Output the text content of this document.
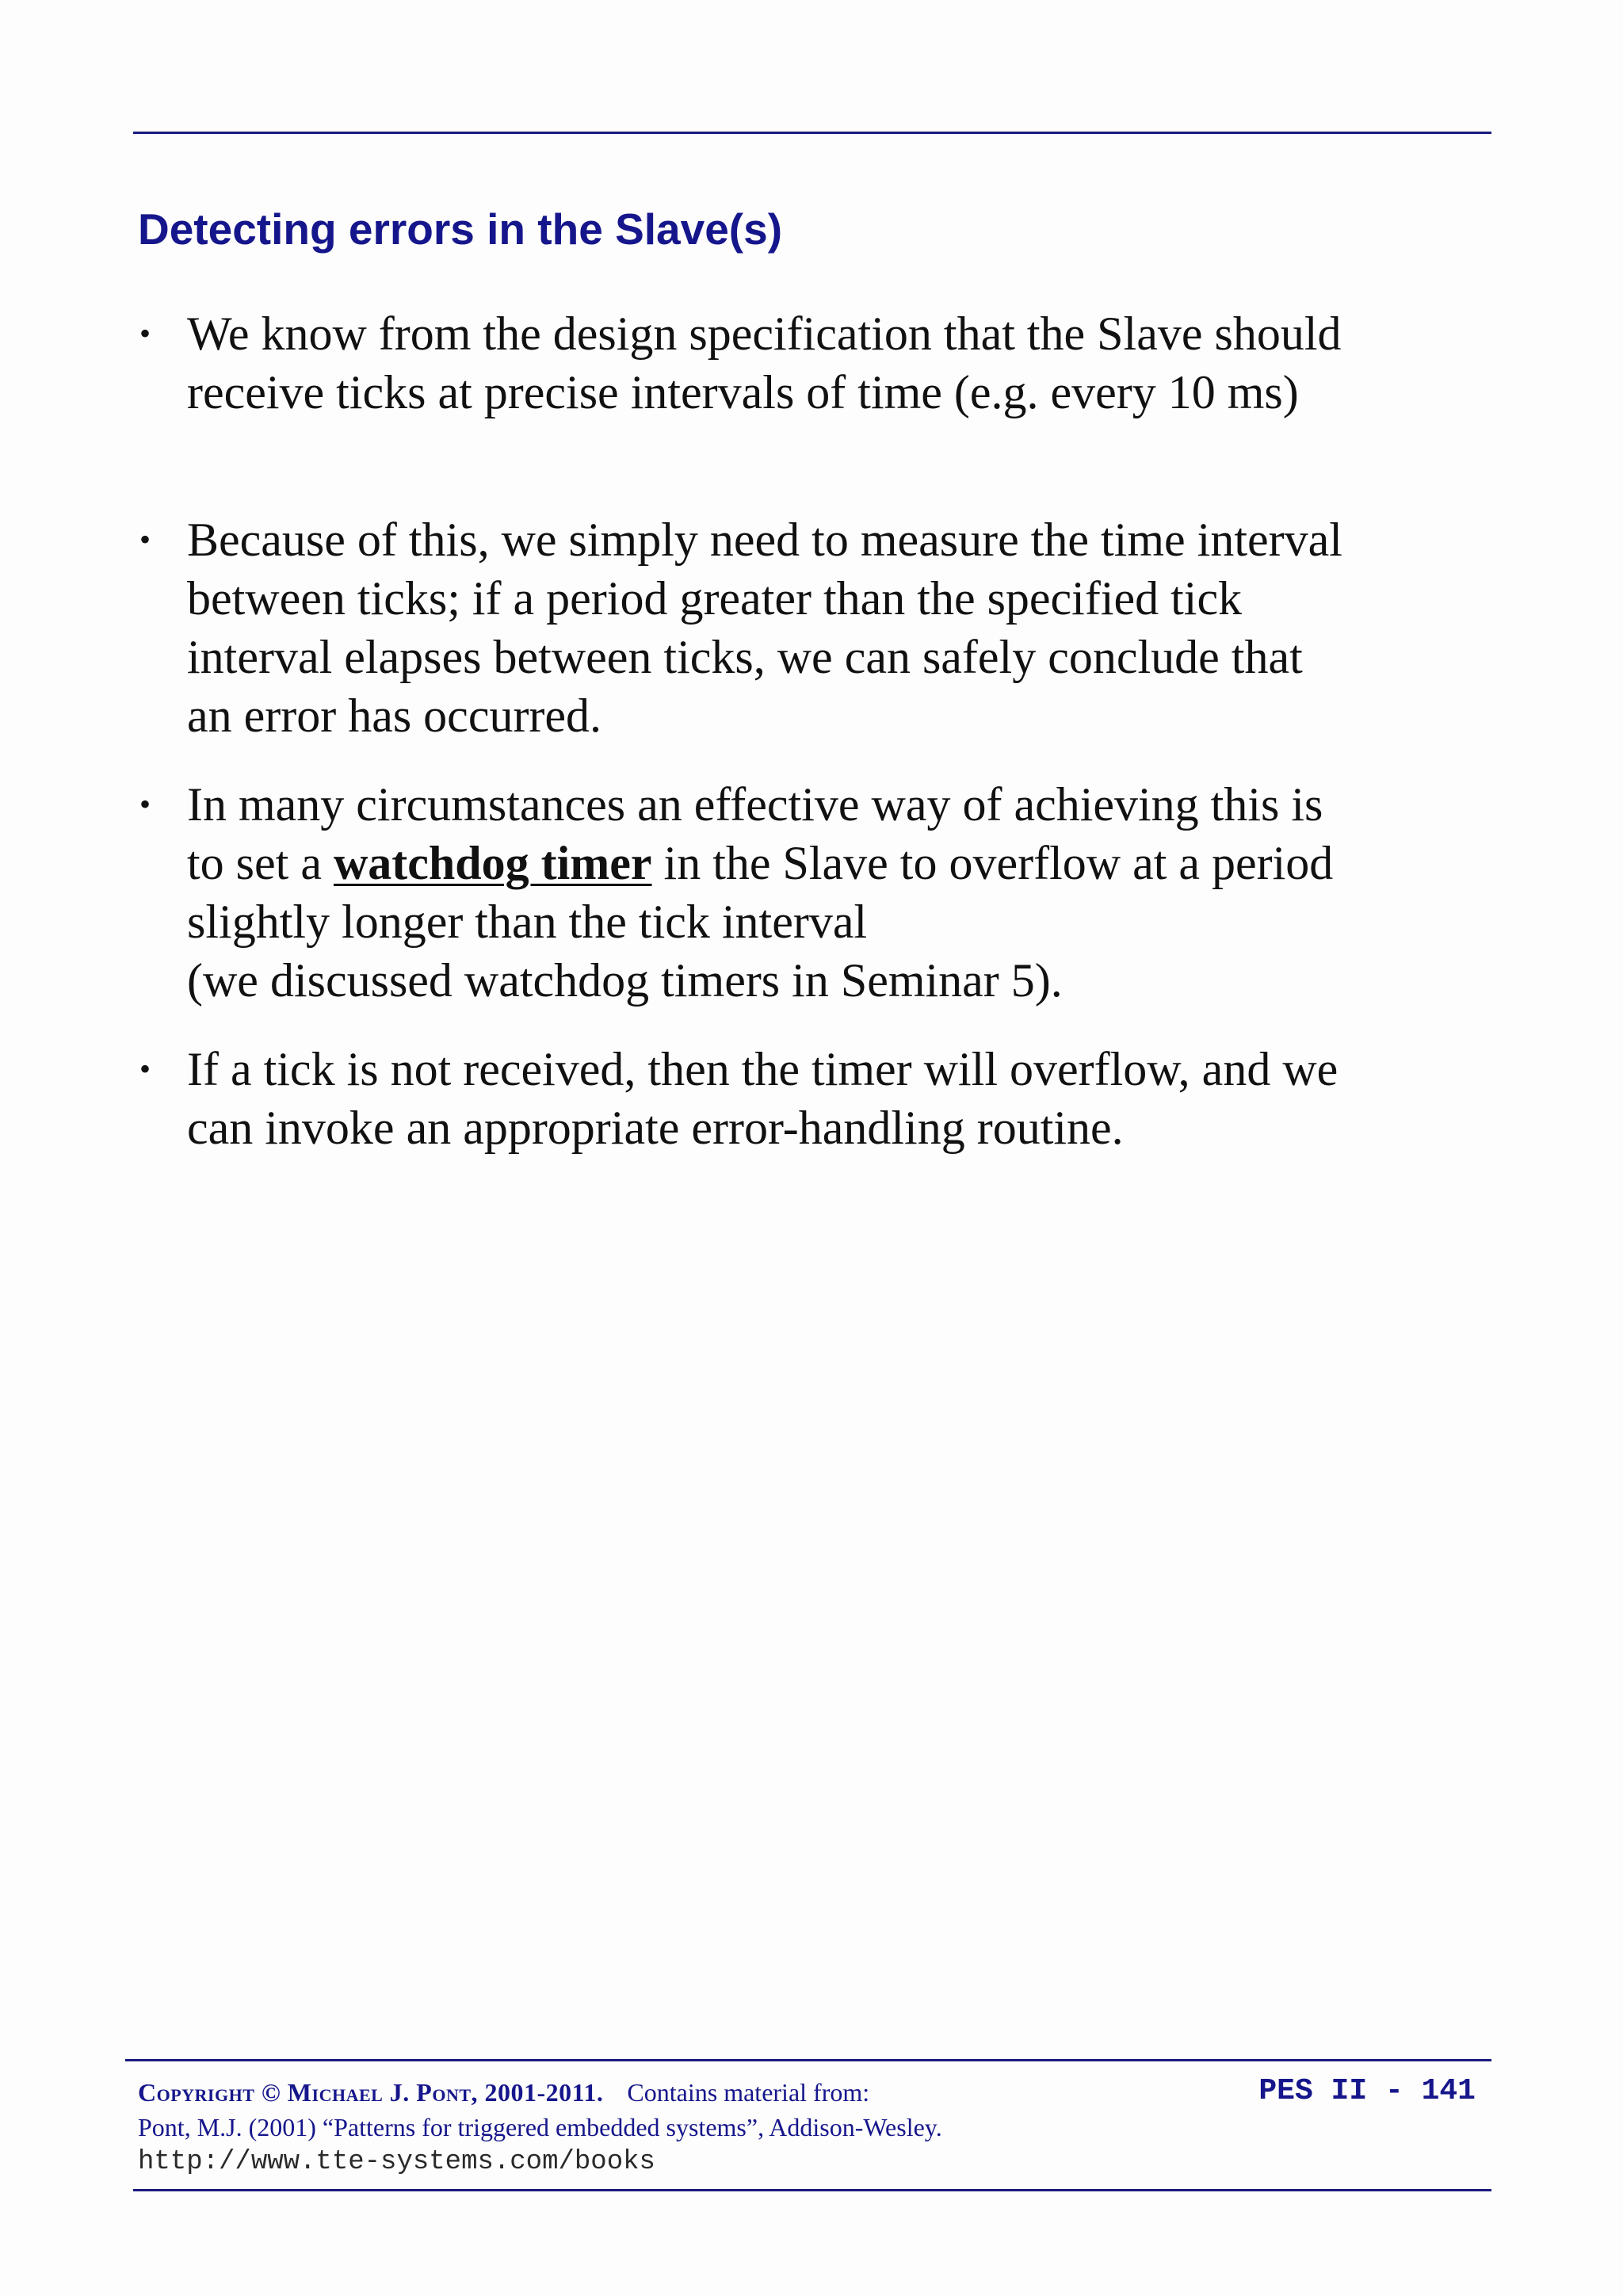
Detecting errors in the Slave(s)
• We know from the design specification that the Slave should
receive ticks at precise intervals of time (e.g. every 10 ms)
• Because of this, we simply need to measure the time interval
between ticks; if a period greater than the specified tick
interval elapses between ticks, we can safely conclude that
an error has occurred.
• In many circumstances an effective way of achieving this is
to set a watchdog timer in the Slave to overflow at a period
slightly longer than the tick interval
(we discussed watchdog timers in Seminar 5).
• If a tick is not received, then the timer will overflow, and we
can invoke an appropriate error-handling routine.
Copyright © Michael J. Pont, 2001-2011. Contains material from:
Pont, M.J. (2001) “Patterns for triggered embedded systems”, Addison-Wesley.
http://www.tte-systems.com/books
PES II - 141
